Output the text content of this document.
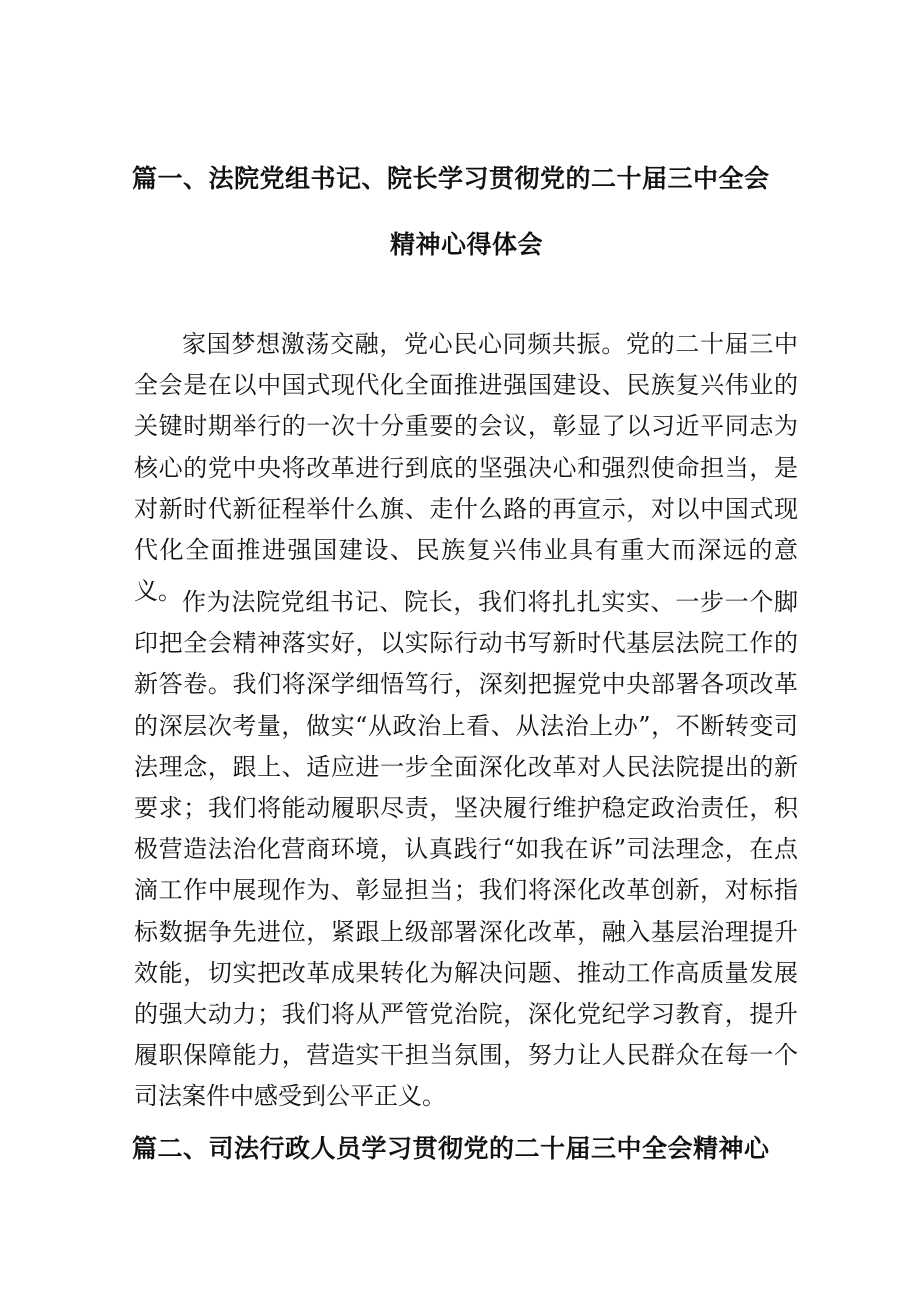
篇一、法院党组书记、院长学习贯彻党的二十届三中全会
精神心得体会

家国梦想激荡交融，党心民心同频共振。党的二十届三中全会是在以中国式现代化全面推进强国建设、民族复兴伟业的关键时期举行的一次十分重要的会议，彰显了以习近平同志为核心的党中央将改革进行到底的坚强决心和强烈使命担当，是对新时代新征程举什么旗、走什么路的再宣示，对以中国式现代化全面推进强国建设、民族复兴伟业具有重大而深远的意义。 作为法院党组书记、院长，我们将扎扎实实、一步一个脚印把全会精神落实好，以实际行动书写新时代基层法院工作的新答卷。我们将深学细悟笃行，深刻把握党中央部署各项改革的深层次考量，做实“从政治上看、从法治上办”，不断转变司法理念，跟上、适应进一步全面深化改革对人民法院提出的新要求；我们将能动履职尽责，坚决履行维护稳定政治责任，积极营造法治化营商环境，认真践行“如我在诉”司法理念，在点滴工作中展现作为、彰显担当；我们将深化改革创新，对标指标数据争先进位，紧跟上级部署深化改革，融入基层治理提升效能，切实把改革成果转化为解决问题、推动工作高质量发展的强大动力；我们将从严管党治院，深化党纪学习教育，提升履职保障能力，营造实干担当氛围，努力让人民群众在每一个司法案件中感受到公平正义。

篇二、司法行政人员学习贯彻党的二十届三中全会精神心
